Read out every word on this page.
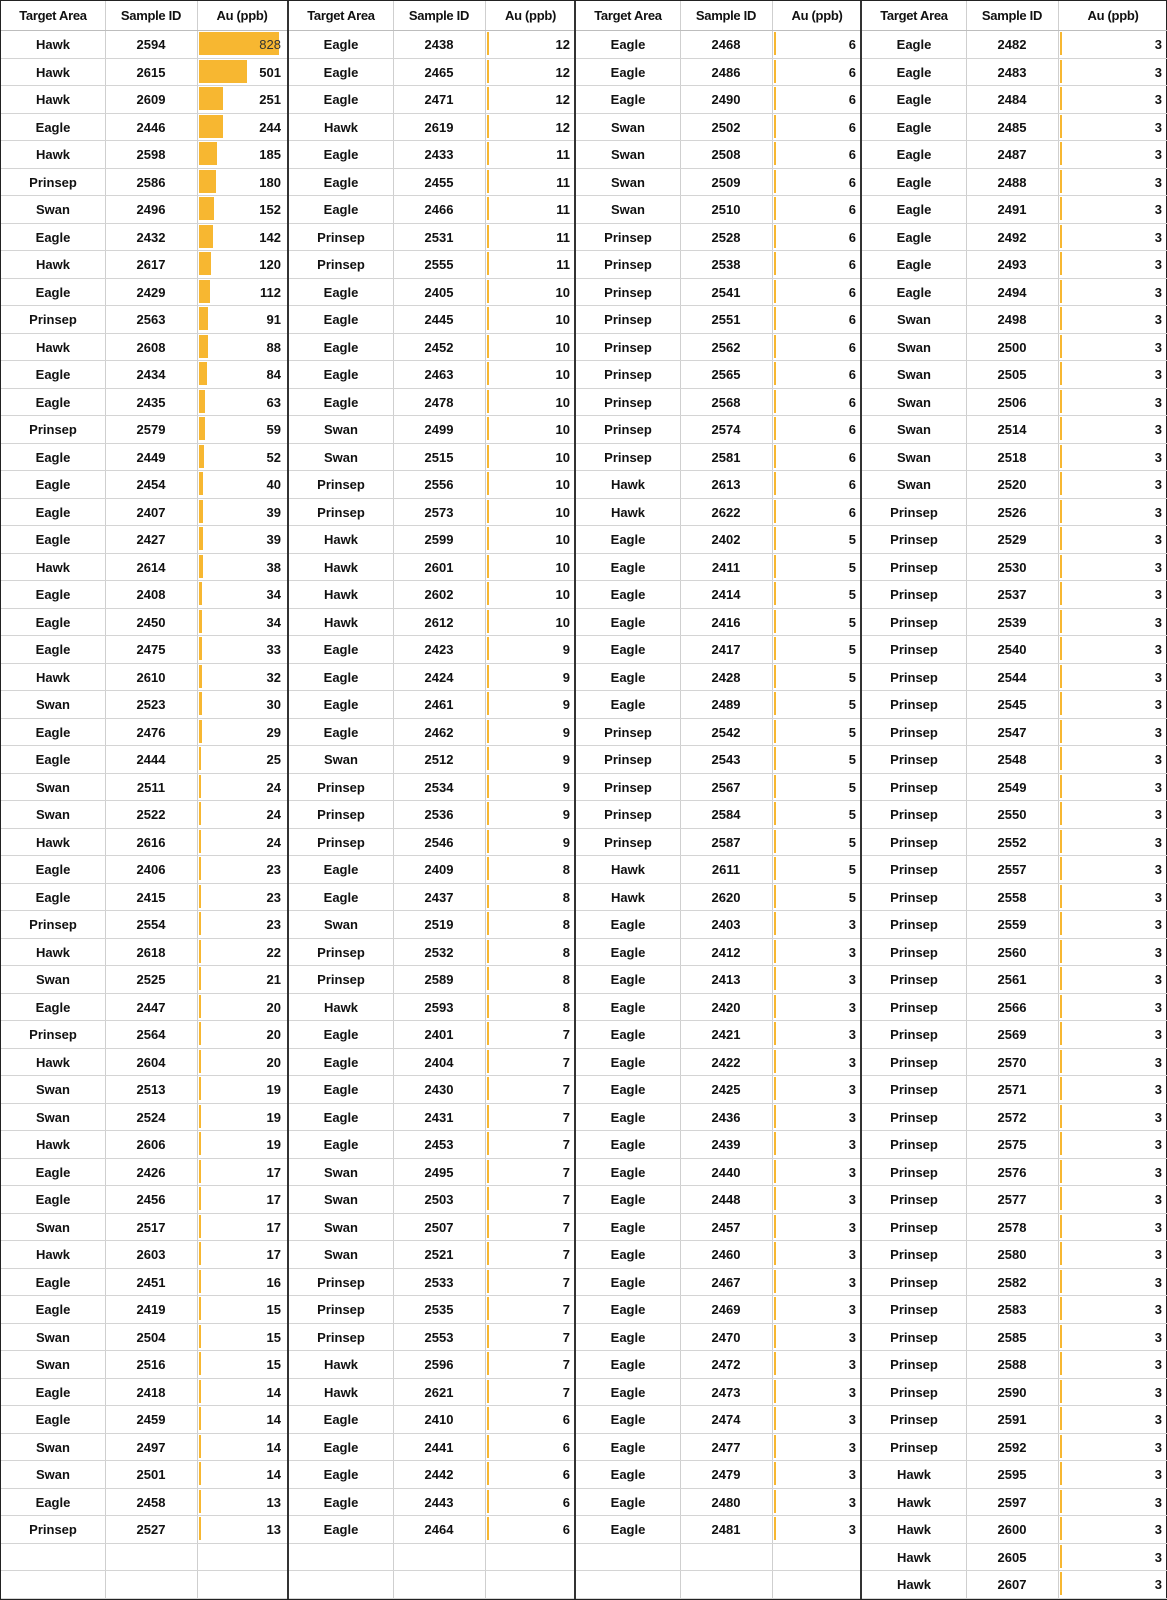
Target Area	Sample ID	Au (ppb)
Hawk	2594	828
Hawk	2615	501
Hawk	2609	251
Eagle	2446	244
Hawk	2598	185
Prinsep	2586	180
Swan	2496	152
Eagle	2432	142
Hawk	2617	120
Eagle	2429	112
Prinsep	2563	91
Hawk	2608	88
Eagle	2434	84
Eagle	2435	63
Prinsep	2579	59
Eagle	2449	52
Eagle	2454	40
Eagle	2407	39
Eagle	2427	39
Hawk	2614	38
Eagle	2408	34
Eagle	2450	34
Eagle	2475	33
Hawk	2610	32
Swan	2523	30
Eagle	2476	29
Eagle	2444	25
Swan	2511	24
Swan	2522	24
Hawk	2616	24
Eagle	2406	23
Eagle	2415	23
Prinsep	2554	23
Hawk	2618	22
Swan	2525	21
Eagle	2447	20
Prinsep	2564	20
Hawk	2604	20
Swan	2513	19
Swan	2524	19
Hawk	2606	19
Eagle	2426	17
Eagle	2456	17
Swan	2517	17
Hawk	2603	17
Eagle	2451	16
Eagle	2419	15
Swan	2504	15
Swan	2516	15
Eagle	2418	14
Eagle	2459	14
Swan	2497	14
Swan	2501	14
Eagle	2458	13
Prinsep	2527	13
Target Area	Sample ID	Au (ppb)
Eagle	2438	12
Eagle	2465	12
Eagle	2471	12
Hawk	2619	12
Eagle	2433	11
Eagle	2455	11
Eagle	2466	11
Prinsep	2531	11
Prinsep	2555	11
Eagle	2405	10
Eagle	2445	10
Eagle	2452	10
Eagle	2463	10
Eagle	2478	10
Swan	2499	10
Swan	2515	10
Prinsep	2556	10
Prinsep	2573	10
Hawk	2599	10
Hawk	2601	10
Hawk	2602	10
Hawk	2612	10
Eagle	2423	9
Eagle	2424	9
Eagle	2461	9
Eagle	2462	9
Swan	2512	9
Prinsep	2534	9
Prinsep	2536	9
Prinsep	2546	9
Eagle	2409	8
Eagle	2437	8
Swan	2519	8
Prinsep	2532	8
Prinsep	2589	8
Hawk	2593	8
Eagle	2401	7
Eagle	2404	7
Eagle	2430	7
Eagle	2431	7
Eagle	2453	7
Swan	2495	7
Swan	2503	7
Swan	2507	7
Swan	2521	7
Prinsep	2533	7
Prinsep	2535	7
Prinsep	2553	7
Hawk	2596	7
Hawk	2621	7
Eagle	2410	6
Eagle	2441	6
Eagle	2442	6
Eagle	2443	6
Eagle	2464	6
Target Area	Sample ID	Au (ppb)
Eagle	2468	6
Eagle	2486	6
Eagle	2490	6
Swan	2502	6
Swan	2508	6
Swan	2509	6
Swan	2510	6
Prinsep	2528	6
Prinsep	2538	6
Prinsep	2541	6
Prinsep	2551	6
Prinsep	2562	6
Prinsep	2565	6
Prinsep	2568	6
Prinsep	2574	6
Prinsep	2581	6
Hawk	2613	6
Hawk	2622	6
Eagle	2402	5
Eagle	2411	5
Eagle	2414	5
Eagle	2416	5
Eagle	2417	5
Eagle	2428	5
Eagle	2489	5
Prinsep	2542	5
Prinsep	2543	5
Prinsep	2567	5
Prinsep	2584	5
Prinsep	2587	5
Hawk	2611	5
Hawk	2620	5
Eagle	2403	3
Eagle	2412	3
Eagle	2413	3
Eagle	2420	3
Eagle	2421	3
Eagle	2422	3
Eagle	2425	3
Eagle	2436	3
Eagle	2439	3
Eagle	2440	3
Eagle	2448	3
Eagle	2457	3
Eagle	2460	3
Eagle	2467	3
Eagle	2469	3
Eagle	2470	3
Eagle	2472	3
Eagle	2473	3
Eagle	2474	3
Eagle	2477	3
Eagle	2479	3
Eagle	2480	3
Eagle	2481	3
Target Area	Sample ID	Au (ppb)
Eagle	2482	3
Eagle	2483	3
Eagle	2484	3
Eagle	2485	3
Eagle	2487	3
Eagle	2488	3
Eagle	2491	3
Eagle	2492	3
Eagle	2493	3
Eagle	2494	3
Swan	2498	3
Swan	2500	3
Swan	2505	3
Swan	2506	3
Swan	2514	3
Swan	2518	3
Swan	2520	3
Prinsep	2526	3
Prinsep	2529	3
Prinsep	2530	3
Prinsep	2537	3
Prinsep	2539	3
Prinsep	2540	3
Prinsep	2544	3
Prinsep	2545	3
Prinsep	2547	3
Prinsep	2548	3
Prinsep	2549	3
Prinsep	2550	3
Prinsep	2552	3
Prinsep	2557	3
Prinsep	2558	3
Prinsep	2559	3
Prinsep	2560	3
Prinsep	2561	3
Prinsep	2566	3
Prinsep	2569	3
Prinsep	2570	3
Prinsep	2571	3
Prinsep	2572	3
Prinsep	2575	3
Prinsep	2576	3
Prinsep	2577	3
Prinsep	2578	3
Prinsep	2580	3
Prinsep	2582	3
Prinsep	2583	3
Prinsep	2585	3
Prinsep	2588	3
Prinsep	2590	3
Prinsep	2591	3
Prinsep	2592	3
Hawk	2595	3
Hawk	2597	3
Hawk	2600	3
Hawk	2605	3
Hawk	2607	3
